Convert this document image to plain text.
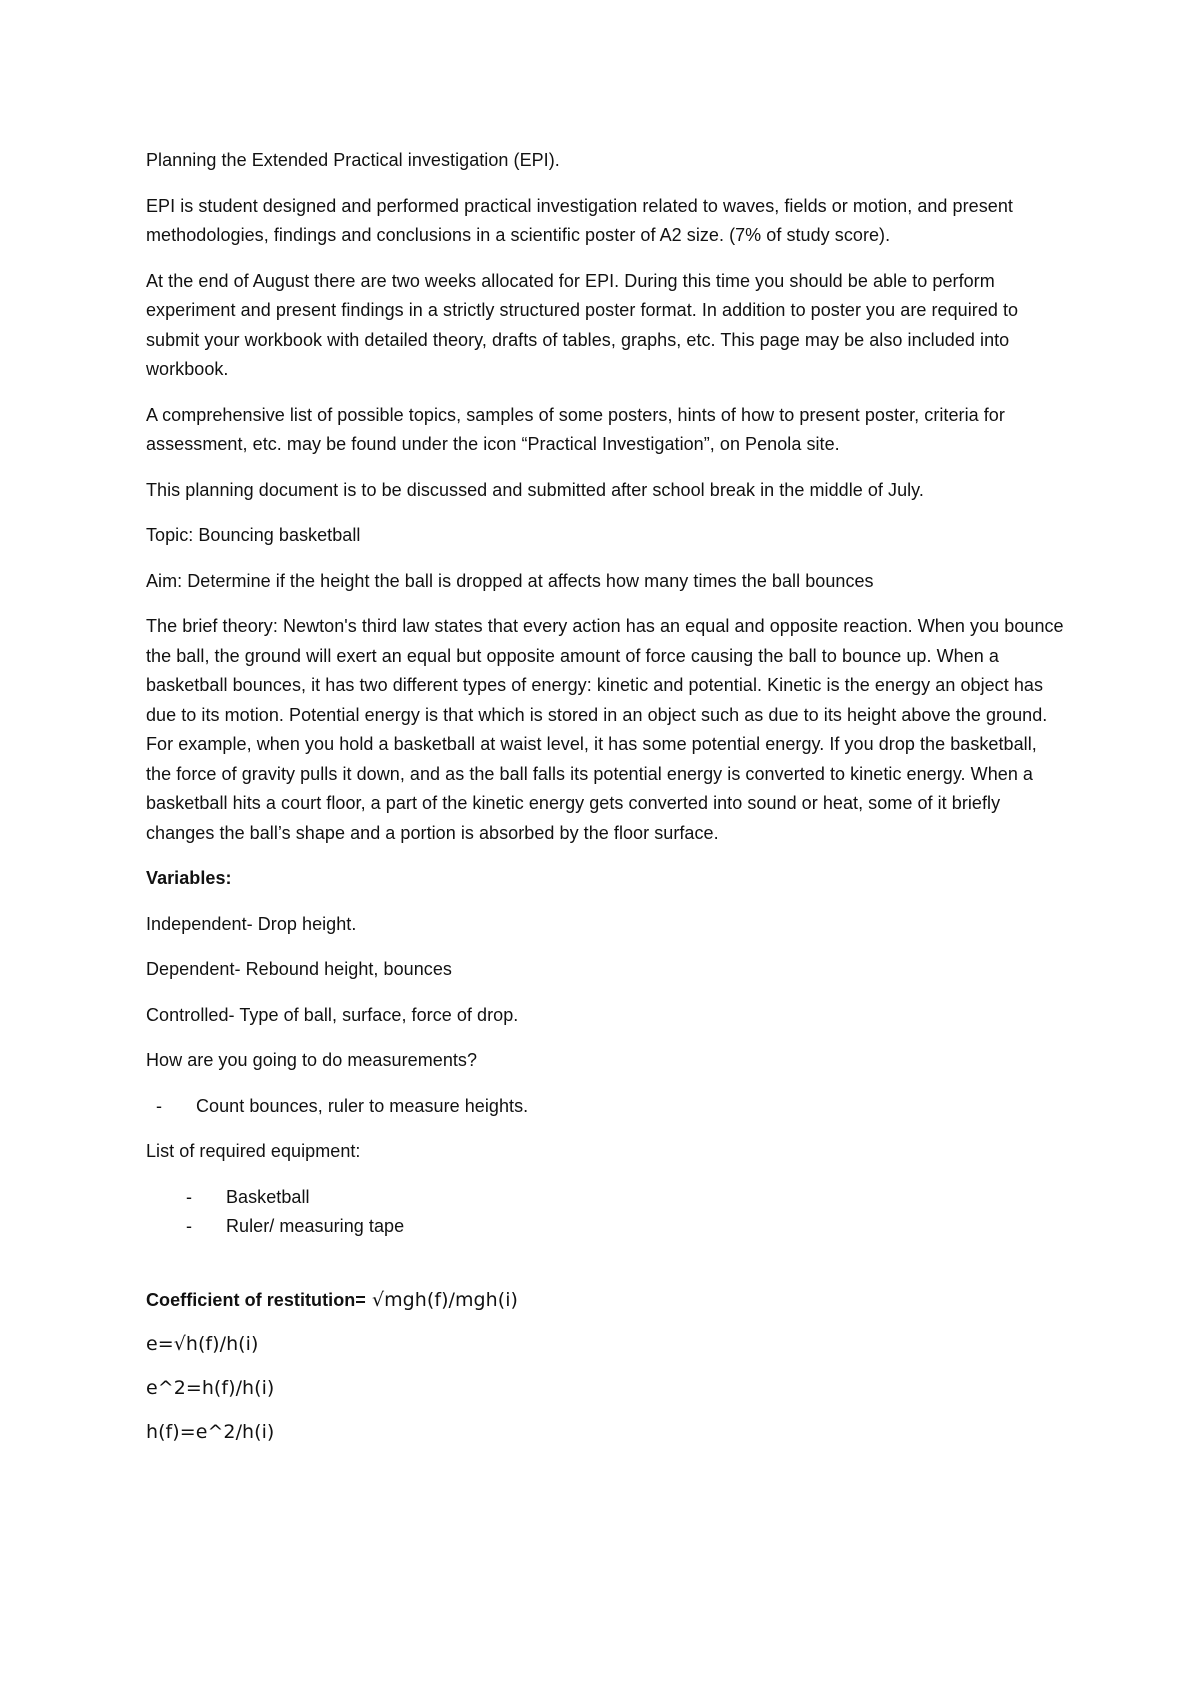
Planning the Extended Practical investigation (EPI).

EPI is student designed and performed practical investigation related to waves, fields or motion, and present methodologies, findings and conclusions in a scientific poster of A2 size. (7% of study score).

At the end of August there are two weeks allocated for EPI. During this time you should be able to perform experiment and present findings in a strictly structured poster format. In addition to poster you are required to submit your workbook with detailed theory, drafts of tables, graphs, etc. This page may be also included into workbook.

A comprehensive list of possible topics, samples of some posters, hints of how to present poster, criteria for assessment, etc. may be found under the icon “Practical Investigation”, on Penola site.

This planning document is to be discussed and submitted after school break in the middle of July.

Topic: Bouncing basketball

Aim: Determine if the height the ball is dropped at affects how many times the ball bounces

The brief theory: Newton's third law states that every action has an equal and opposite reaction. When you bounce the ball, the ground will exert an equal but opposite amount of force causing the ball to bounce up. When a basketball bounces, it has two different types of energy: kinetic and potential. Kinetic is the energy an object has due to its motion. Potential energy is that which is stored in an object such as due to its height above the ground. For example, when you hold a basketball at waist level, it has some potential energy. If you drop the basketball, the force of gravity pulls it down, and as the ball falls its potential energy is converted to kinetic energy. When a basketball hits a court floor, a part of the kinetic energy gets converted into sound or heat, some of it briefly changes the ball’s shape and a portion is absorbed by the floor surface.

Variables:

Independent- Drop height.

Dependent- Rebound height, bounces

Controlled- Type of ball, surface, force of drop.

How are you going to do measurements?

- Count bounces, ruler to measure heights.

List of required equipment:

- Basketball
- Ruler/ measuring tape

Coefficient of restitution= √mgh(f)/mgh(i)

e=√h(f)/h(i)

e^2=h(f)/h(i)

h(f)=e^2/h(i)
